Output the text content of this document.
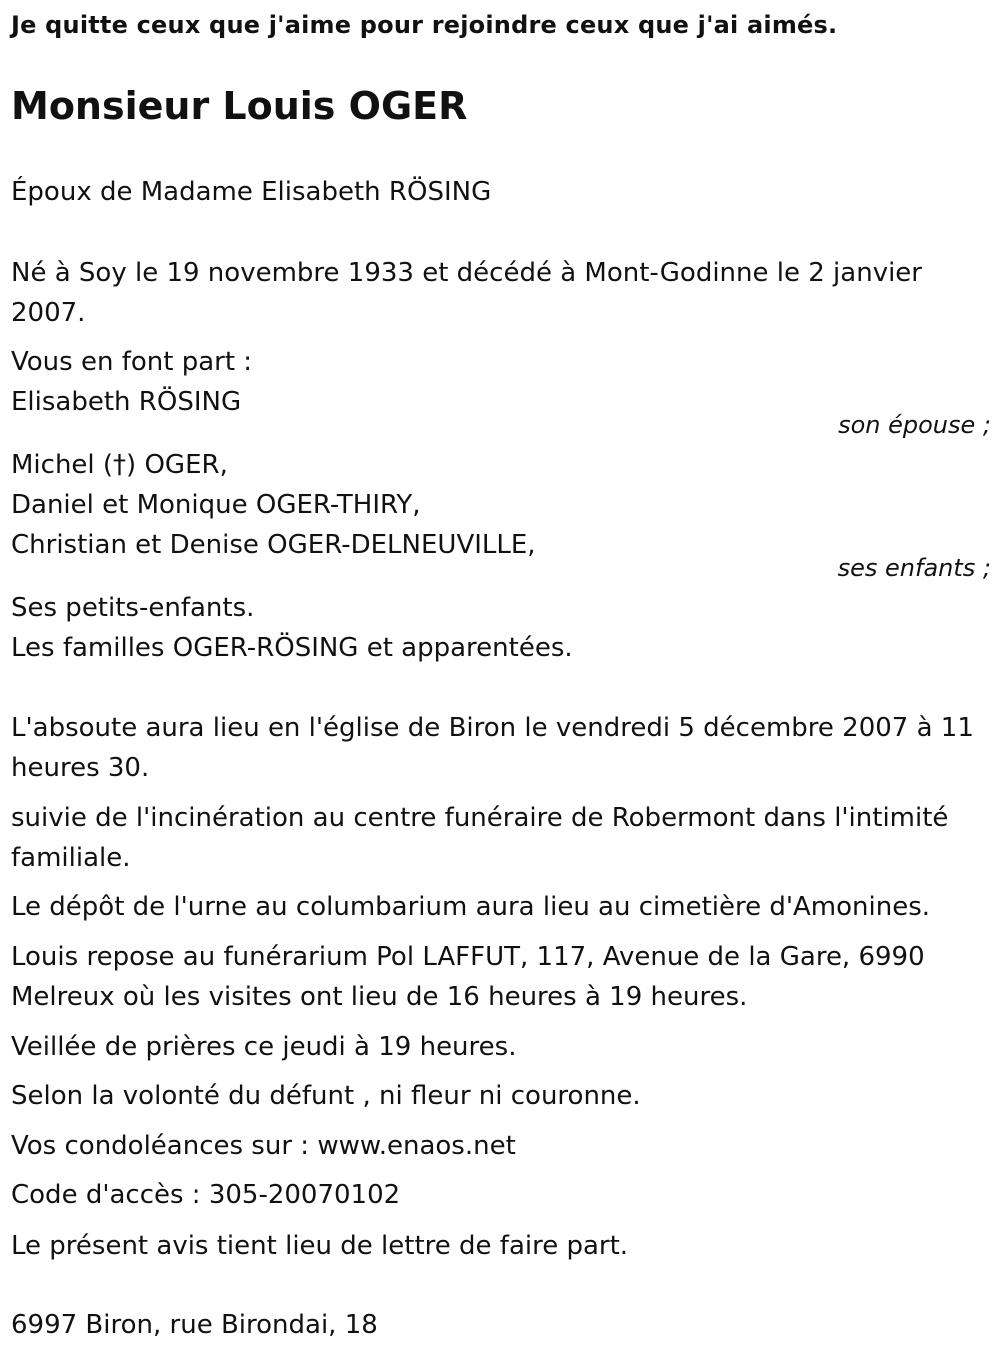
Je quitte ceux que j'aime pour rejoindre ceux que j'ai aimés.

Monsieur Louis OGER

Époux de Madame Elisabeth RÖSING

Né à Soy le 19 novembre 1933 et décédé à Mont-Godinne le 2 janvier 2007.

Vous en font part :

Elisabeth RÖSING

son épouse ;

Michel (†) OGER,

Daniel et Monique OGER-THIRY,

Christian et Denise OGER-DELNEUVILLE,

ses enfants ;

Ses petits-enfants.

Les familles OGER-RÖSING et apparentées.

L'absoute aura lieu en l'église de Biron le vendredi 5 décembre 2007 à 11 heures 30.

suivie de l'incinération au centre funéraire de Robermont dans l'intimité familiale.

Le dépôt de l'urne au columbarium aura lieu au cimetière d'Amonines.

Louis repose au funérarium Pol LAFFUT, 117, Avenue de la Gare, 6990 Melreux où les visites ont lieu de 16 heures à 19 heures.

Veillée de prières ce jeudi à 19 heures.

Selon la volonté du défunt , ni fleur ni couronne.

Vos condoléances sur : www.enaos.net

Code d'accès : 305-20070102

Le présent avis tient lieu de lettre de faire part.

6997 Biron, rue Birondai, 18
